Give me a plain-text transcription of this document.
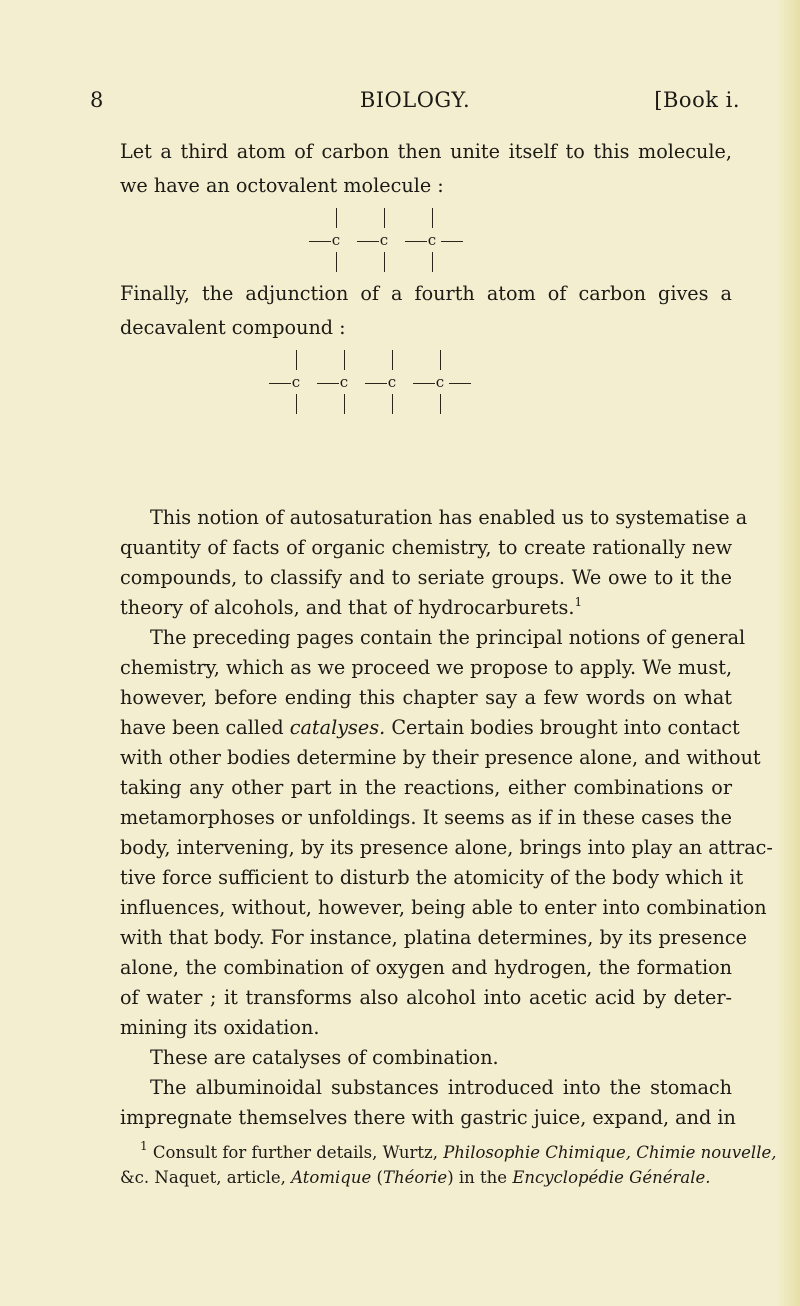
8	BIOLOGY.	[Book i.
Let a third atom of carbon then unite itself to this molecule,
we have an octovalent molecule :
c	c	c
Finally, the adjunction of a fourth atom of carbon gives a
decavalent compound :
c	c	c	c
This notion of autosaturation has enabled us to systematise a
quantity of facts of organic chemistry, to create rationally new
compounds, to classify and to seriate groups. We owe to it the
theory of alcohols, and that of hydrocarburets.$^1$
The preceding pages contain the principal notions of general
chemistry, which as we proceed we propose to apply. We must,
however, before ending this chapter say a few words on what
have been called catalyses. Certain bodies brought into contact
with other bodies determine by their presence alone, and without
taking any other part in the reactions, either combinations or
metamorphoses or unfoldings. It seems as if in these cases the
body, intervening, by its presence alone, brings into play an attrac-
tive force sufficient to disturb the atomicity of the body which it
influences, without, however, being able to enter into combination
with that body. For instance, platina determines, by its presence
alone, the combination of oxygen and hydrogen, the formation
of water ; it transforms also alcohol into acetic acid by deter-
mining its oxidation.
These are catalyses of combination.
The albuminoidal substances introduced into the stomach
impregnate themselves there with gastric juice, expand, and in
$^1$ Consult for further details, Wurtz, Philosophie Chimique, Chimie nouvelle,
&c. Naquet, article, Atomique (Théorie) in the Encyclopédie Générale.
